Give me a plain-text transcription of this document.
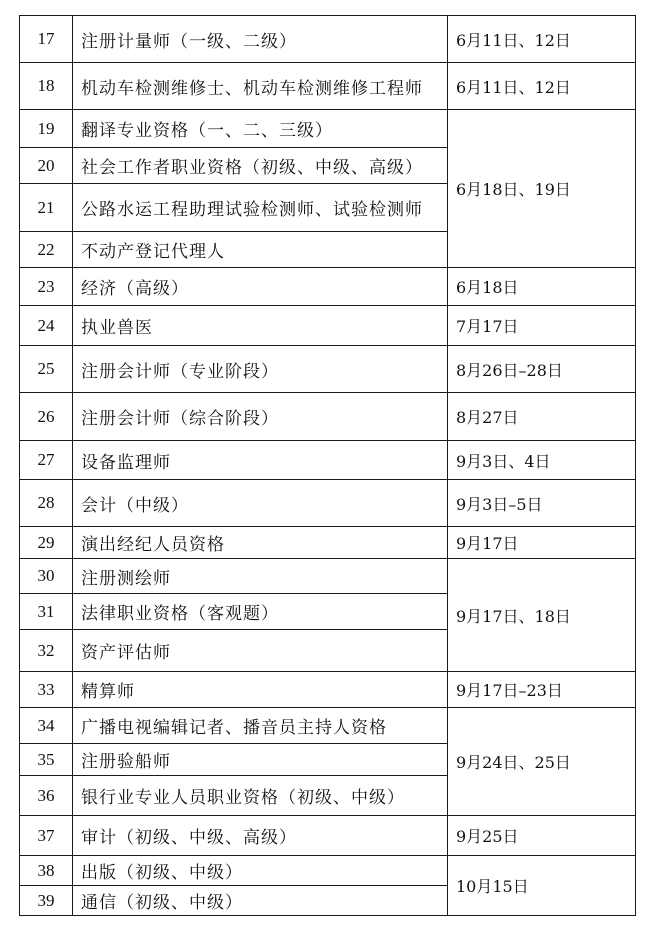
17	注册计量师（一级、二级）	6月11日、12日
18	机动车检测维修士、机动车检测维修工程师	6月11日、12日
19	翻译专业资格（一、二、三级）	6月18日、19日
20	社会工作者职业资格（初级、中级、高级）	
21	公路水运工程助理试验检测师、试验检测师	
22	不动产登记代理人	
23	经济（高级）	6月18日
24	执业兽医	7月17日
25	注册会计师（专业阶段）	8月26日–28日
26	注册会计师（综合阶段）	8月27日
27	设备监理师	9月3日、4日
28	会计（中级）	9月3日–5日
29	演出经纪人员资格	9月17日
30	注册测绘师	9月17日、18日
31	法律职业资格（客观题）	
32	资产评估师	
33	精算师	9月17日–23日
34	广播电视编辑记者、播音员主持人资格	9月24日、25日
35	注册验船师	
36	银行业专业人员职业资格（初级、中级）	
37	审计（初级、中级、高级）	9月25日
38	出版（初级、中级）	10月15日
39	通信（初级、中级）	
